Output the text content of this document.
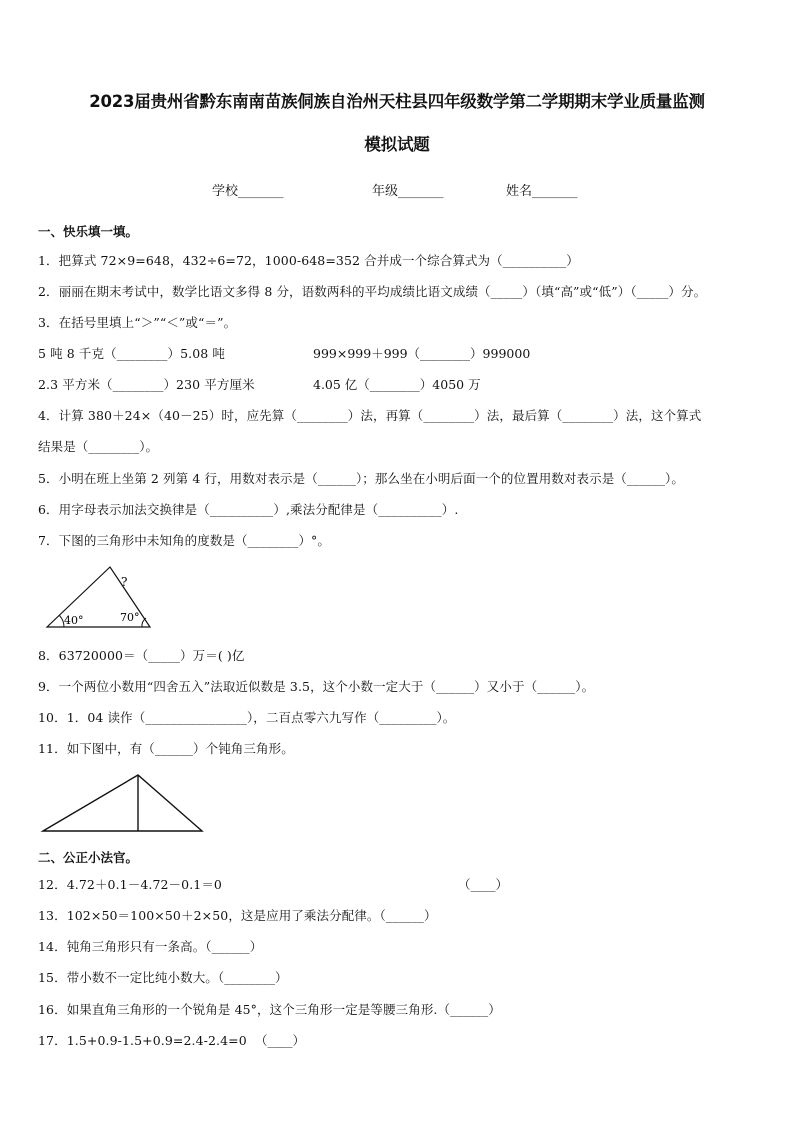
2023届贵州省黔东南南苗族侗族自治州天柱县四年级数学第二学期期末学业质量监测
模拟试题
学校_______	年级_______	姓名_______
一、快乐填一填。
1．把算式 72×9=648，432÷6=72，1000-648=352 合并成一个综合算式为（__________）
2．丽丽在期末考试中，数学比语文多得 8 分，语数两科的平均成绩比语文成绩（_____）（填“高”或“低”）（_____）分。
3．在括号里填上“＞”“＜”或“＝”。
5 吨 8 千克（________）5.08 吨	999×999＋999（________）999000
2.3 平方米（________）230 平方厘米	4.05 亿（________）4050 万
4．计算 380＋24×（40－25）时，应先算（________）法，再算（________）法，最后算（________）法，这个算式
结果是（________）。
5．小明在班上坐第 2 列第 4 行，用数对表示是（______）；那么坐在小明后面一个的位置用数对表示是（______）。
6．用字母表示加法交换律是（__________）,乘法分配律是（__________）.
7．下图的三角形中未知角的度数是（________）°。
40°	70°
?
8．63720000＝（_____）万＝( )亿
9．一个两位小数用“四舍五入”法取近似数是 3.5，这个小数一定大于（______）又小于（______）。
10．1．04 读作（________________），二百点零六九写作（_________）。
11．如下图中，有（______）个钝角三角形。
二、公正小法官。
12．4.72＋0.1－4.72－0.1＝0	（____）
13．102×50＝100×50＋2×50，这是应用了乘法分配律。（______）
14．钝角三角形只有一条高。（______）
15．带小数不一定比纯小数大。（________）
16．如果直角三角形的一个锐角是 45°，这个三角形一定是等腰三角形.（______）
17．1.5+0.9-1.5+0.9=2.4-2.4=0 （____）
